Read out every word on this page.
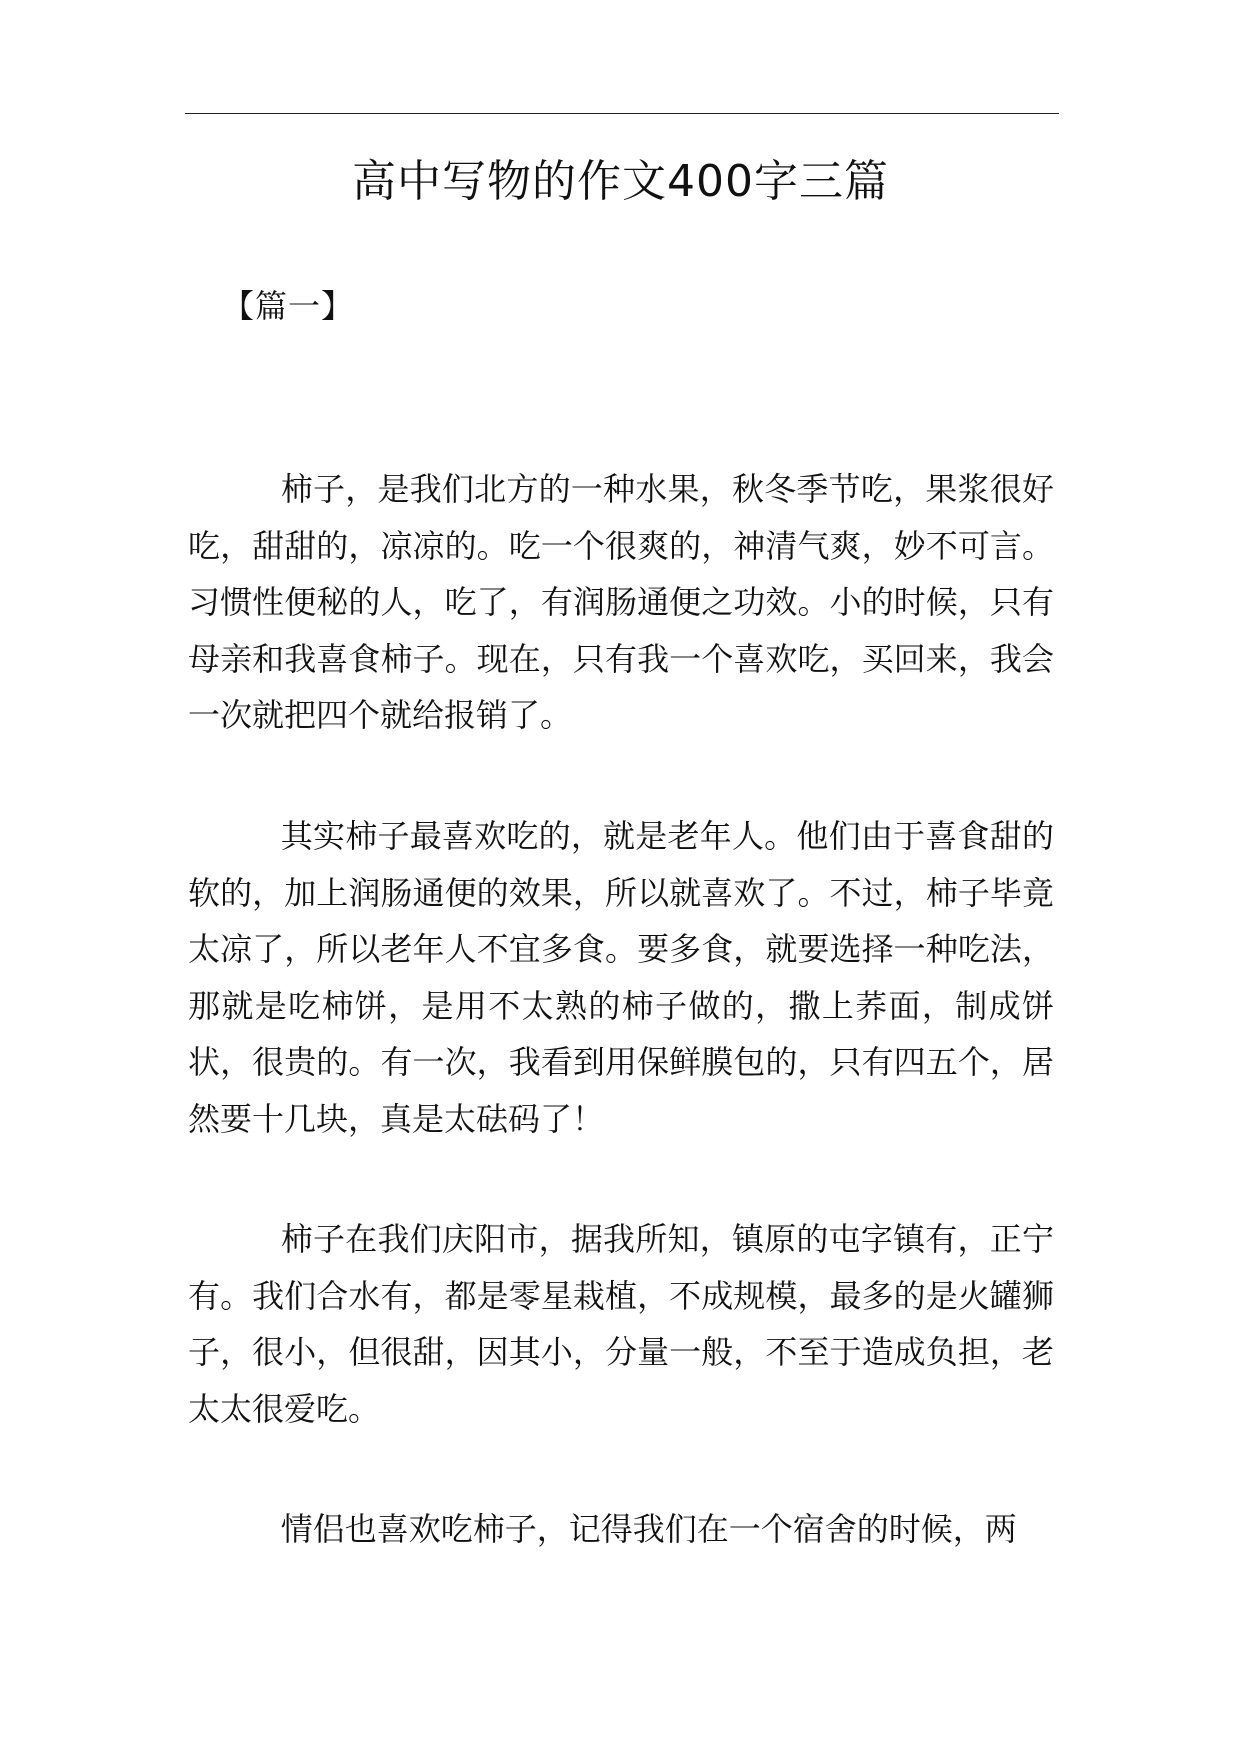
高中写物的作文400字三篇
【篇一】

柿子，是我们北方的一种水果，秋冬季节吃，果浆很好吃，甜甜的，凉凉的。吃一个很爽的，神清气爽，妙不可言。习惯性便秘的人，吃了，有润肠通便之功效。小的时候，只有母亲和我喜食柿子。现在，只有我一个喜欢吃，买回来，我会一次就把四个就给报销了。

其实柿子最喜欢吃的，就是老年人。他们由于喜食甜的软的，加上润肠通便的效果，所以就喜欢了。不过，柿子毕竟太凉了，所以老年人不宜多食。要多食，就要选择一种吃法，那就是吃柿饼，是用不太熟的柿子做的，撒上荞面，制成饼状，很贵的。有一次，我看到用保鲜膜包的，只有四五个，居然要十几块，真是太砝码了！

柿子在我们庆阳市，据我所知，镇原的屯字镇有，正宁有。我们合水有，都是零星栽植，不成规模，最多的是火罐狮子，很小，但很甜，因其小，分量一般，不至于造成负担，老太太很爱吃。

情侣也喜欢吃柿子，记得我们在一个宿舍的时候，两
